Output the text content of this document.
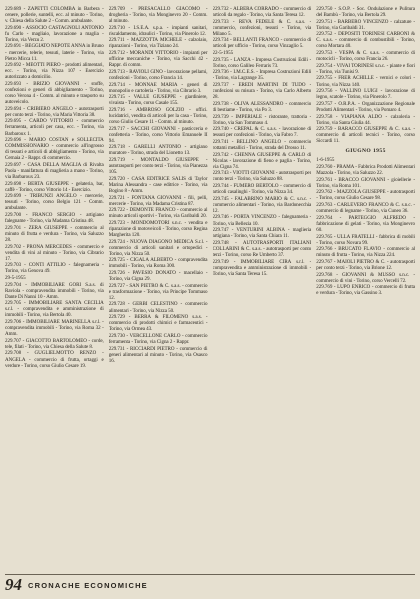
229.689 - ZAPETTI COLOMBA in Barbera - cenere, pollerie, suntelli, ecc. al minuto - Torino, v. Chiesa della Salute 2 - Comm. ambulante.
229.690 - ASSOCIO CASTAGNOLI ANTONIO fu Carlo - magliaio, lavorazione a maglia - Torino, via Verzu 2.
229.691 - BEGGIATO NEPOTE ANNA in Bruno - mercerie, telerie, tessuti, laterie - Torino, via Pietro Micca 11.
229.692 - MEOTTI PIERO - prodotti alimentari, ecc. - Torino, via Nizza 107 - Esercizio autorizzato a domicilio.
229.693 - BRIZIO GIOVANNI - stoffe, confezioni e generi di abbigliamento - Torino, corso Verona 4 - Comm. al minuto e trasporto su autoveicolo.
229.694 - CRIBIERO ANGELO - autotrasporti per conto terzi - Torino, via Maria Vittoria 38.
229.695 - CARDO VITTORIO - commercio ferramenta, articoli per casa, ecc. - Torino, via Barbaroux 1.
229.696 - MARIO COSTAN e SOLLECITA COMMISSIONARIO - commercio all'ingrosso di tessuti e articoli di abbigliamento - Torino, via Cernaia 2 - Rappr. di commercio.
229.697 - CASA DELLA MAGLIA di Rivalta Paola - manifattura di maglieria a mano - Torino, via Barbaroux 23.
229.698 - BERTA GIUSEPPE - gelateria, bar, caffè - Torino, corso Vittorio 14 - Esercizio.
229.699 - TRIBUNZI ANGELO - mercerie, tessuti - Torino, corso Belgio 121 - Comm. ambulante.
229.700 - FRANCO SERGIO - artigiano falegname - Torino, via Madama Cristina 48.
229.701 - ZERA GIUSEPPE - commercio al minuto di frutta e verdura - Torino, via Saluzzo 28.
229.702 - PRONA MERCEDES - commercio e vendita di vini al minuto - Torino, via Cibrario 17.
229.703 - CONTI ATTILIO - falegnameria - Torino, via Genova 49.
29-5-1955
229.704 - IMMOBILIARE GORI S.a.s. di Raviola - compravendita immobili - Torino, via Dante Di Nanni 10 - Amm.
229.705 - IMMOBILIARE SANTA CECILIA s.r.l. - compravendita e amministrazione di immobili - Torino, via Bertola 40.
229.706 - IMMOBILIARE MARINELLA s.r.l. - compravendita immobili - Torino, via Roma 32 - Amm.
229.707 - GIACOTTO BARTOLOMEO - corde, tele, filati - Torino, via Chiesa della Salute 8.
229.708 - GUGLIELMOTTO RENZO - ANGELA - commercio di frutta, ortaggi e verdure - Torino, corso Giulio Cesare 19.
229.709 - PRESACALLO GIACOMO - drogheria - Torino, via Monginevro 20 - Comm. al minuto.
229.710 - I.S.E.A. s.p.a. - impianti sanitari, riscaldamento, idraulici - Torino, via Pinerolo 12.
229.711 - MAZZOTTA MICHELE - calzolaio, riparazioni - Torino, via Tiziano 24.
229.712 - MORANDI VITTORIO - impianti per officine meccaniche - Torino, via Sacchi 42 - Rappr. di comm.
229.713 - RAVIOLI GINO - lavorazione pellami, confezioni - Torino, corso Francia 14.
229.714 - MONNAE MARIA - generi di monopolio e cartoleria - Torino, via Cibrario 3.
229.715 - VALLE GIUSEPPE - giardiniere, vivaista - Torino, corso Casale 155.
229.716 - AMBROSO GOLZIO - offici. lucidatrici, vendita di articoli per la casa - Torino, corso Giulio Cesare 11 - Comm. al minuto.
229.717 - SACCHI GIOVANNI - pasticceria e confetteria - Torino, corso Vittorio Emanuele II 94.
229.718 - GARELLI ANTONIO - artigiano muratore - Torino, strada del Lionetto 13.
229.719 - MONTALDO GIUSEPPE - autotrasporti per conto terzi - Torino, via Pianezza 105.
229.720 - CASA EDITRICE SALIS di Taylor Marina Alessandra - case editrice - Torino, via Bogino 8 - Amm.
229.721 - FONTANA GIOVANNI - fili, pelli, mercerie - Torino, via Madama Cristina 87.
229.722 - DEMONTE FRANCO - commercio al minuto articoli sportivi - Torino, via Garibaldi 20.
229.723 - MONDOMOTORI s.n.c. - vendita e riparazione di motoveicoli - Torino, corso Regina Margherita 120.
229.724 - NUOVA DIAGONO MEDICA S.r.l. - commercio di articoli sanitari e ortopedici - Torino, via Nizza 50.
229.725 - CIGALA ALBERTO - compravendita immobili - Torino, via Roma 300.
229.726 - PAVESIO DONATO - macellaio - Torino, via Cigna 29.
229.727 - SAN PIETRO & C. s.a.s. - commercio e trasformazione - Torino, via Principe Tommaso 12.
229.728 - GERBI CELESTINO - commercio alimentari - Torino, via Nizza 50.
229.729 - BERRA & FILOMENO s.a.s. - commercio di prodotti chimici e farmaceutici - Torino, via Ormea 43.
229.730 - VERCELLONE CARLO - commercio ferramenta - Torino, via Cigna 2 - Rappr.
229.731 - RICCIARDI PIETRO - commercio di generi alimentari al minuto - Torino, via Osasco 16.
229.732 - ALBERA CORRADO - commercio di articoli da regalo - Torino, via Santa Teresa 12.
229.733 - REVA FEDELE & C. s.a.s. - commercio, confezioni, tessuti - Torino, via Milano 5.
229.734 - BELLANTI FRANCO - commercio di articoli per ufficio - Torino, corso Vinzaglio 5.
22-5-1955
229.735 - LANZA - Impresa Costruzioni Edili - Torino, corso Galileo Ferraris 73.
229.736 - I.M.C.E.S. - Impresa Costruzioni Edili - Torino, via Lagrange 35.
229.737 - EREDI MARTINI DI TUDO - confezioni su misura - Torino, via Carlo Alberto 28.
229.738 - OLIVA ALESSANDRO - commercio di bestiame - Torino, via Po 3.
229.739 - IMPERIALE - ristorante, trattoria - Torino, via San Tommaso 4.
229.740 - CREPAL & C. s.a.s. - lavorazione di tessuti per confezioni - Torino, via Fabro 7.
229.741 - BELLINO ANGELO - commercio rottami metallici - Torino, strada del Drosso 11.
229.742 - CHENNA GIUSEPPE & CARLO di Nicolas - lavorazione di fieno e paglia - Torino, via Cigna 74.
229.743 - VIOTTI GIOVANNI - autotrasporti per conto terzi - Torino, via Saluzzo 88.
229.744 - FUMERO BERTOLO - commercio di articoli casalinghi - Torino, via Nizza 34.
229.745 - FALABRINO MARIO & C. s.n.c. - commercio alimentari - Torino, via Bardonecchia 12.
229.746 - PORTA VINCENZO - falegnameria - Torino, via Bellezia 10.
229.747 - VENTURINI ALBINA - maglieria artigiana - Torino, via Santa Chiara 11.
229.748 - AUTOTRASPORTI ITALIANI COLLARINI & C. s.a.s. - autotrasporti per conto terzi - Torino, corso Re Umberto 37.
229.749 - IMMOBILIARE CIRA s.r.l. - compravendita e amministrazione di immobili - Torino, via Santa Teresa 15.
229.750 - S.O.P. - Soc. Ondulazione e Pulitura del Bambù - Torino, via Bertola 29.
229.751 - BARBERO VINCENZO - calzature - Torino, via Garibaldi 31.
229.752 - DEPOSITI TORINESI CARBONI & C. s.a.s. - commercio di combustibili - Torino, corso Mortara 40.
229.753 - VESPA & C. s.a.s. - commercio di motocicli - Torino, corso Francia 26.
229.754 - VIVAI TORINESI s.n.c. - piante e fiori - Torino, via Tunisi 9.
229.755 - FRER ACHILLE - vernici e colori - Torino, via Nizza 140.
229.756 - VALLINO LUIGI - lavorazione di legno, scatole - Torino, via Pinerolo 7.
229.757 - O.R.P.A. - Organizzazione Regionale Prodotti Alimentari - Torino, via Pomaro 4.
229.758 - VIAPIANA ALDO - calzoleria - Torino, via Santa Giulia 44.
229.759 - BARACCO GIUSEPPE & C. s.a.s. - commercio di articoli tecnici - Torino, corso Siccardi 11.
GIUGNO 1955
1-6-1955
229.760 - PRAMA - Fabbrica Prodotti Alimentari Mazzola - Torino, via Saluzzo 22.
229.761 - BRACCO GIOVANNI - gioiellerie - Torino, via Roma 101.
229.762 - MAZZOLA GIUSEPPE - autotrasporti - Torino, corso Giulio Cesare 98.
229.763 - CARLEVERO FRANCO & C. s.n.c. - commercio di legname - Torino, via Cuneo 36.
229.764 - PARTEGGIO ALFREDO - fabbricazione di gelati - Torino, via Monginevro 60.
229.765 - ULLA FRATELLI - fabbrica di mobili - Torino, corso Novara 99.
229.766 - BRUCATO FLAVIO - commercio al minuto di frutta - Torino, via Nizza 224.
229.767 - MAIOLI PIETRO & C. - autotrasporti per conto terzi - Torino, via Brione 12.
229.768 - GIOVANNI & MUSSO s.n.c. - commercio di vini - Torino, corso Vercelli 72.
229.769 - LUPO ENRICO - commercio di frutta e verdura - Torino, via Gassino 3.
94 CRONACHE ECONOMICHE
